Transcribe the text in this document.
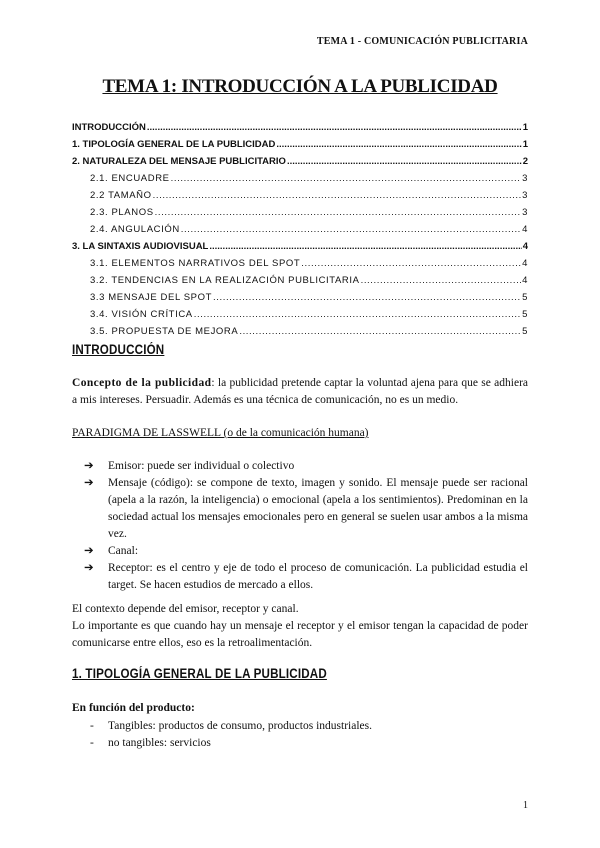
TEMA 1 - COMUNICACIÓN PUBLICITARIA
TEMA 1: INTRODUCCIÓN A LA PUBLICIDAD
INTRODUCCIÓN .....	1
1. TIPOLOGÍA GENERAL DE LA PUBLICIDAD .....	1
2. NATURALEZA DEL MENSAJE PUBLICITARIO .....	2
2.1. ENCUADRE .....	3
2.2 TAMAÑO .....	3
2.3. PLANOS .....	3
2.4. ANGULACIÓN .....	4
3. LA SINTAXIS AUDIOVISUAL .....	4
3.1. ELEMENTOS NARRATIVOS DEL SPOT .....	4
3.2. TENDENCIAS EN LA REALIZACIÓN PUBLICITARIA .....	4
3.3 MENSAJE DEL SPOT .....	5
3.4. VISIÓN CRÍTICA .....	5
3.5. PROPUESTA DE MEJORA .....	5
INTRODUCCIÓN
Concepto de la publicidad: la publicidad pretende captar la voluntad ajena para que se adhiera a mis intereses. Persuadir. Además es una técnica de comunicación, no es un medio.
PARADIGMA DE LASSWELL (o de la comunicación humana)
➔ Emisor: puede ser individual o colectivo
➔ Mensaje (código): se compone de texto, imagen y sonido. El mensaje puede ser racional (apela a la razón, la inteligencia) o emocional (apela a los sentimientos). Predominan en la sociedad actual los mensajes emocionales pero en general se suelen usar ambos a la misma vez.
➔ Canal:
➔ Receptor: es el centro y eje de todo el proceso de comunicación. La publicidad estudia el target. Se hacen estudios de mercado a ellos.
El contexto depende del emisor, receptor y canal.
Lo importante es que cuando hay un mensaje el receptor y el emisor tengan la capacidad de poder comunicarse entre ellos, eso es la retroalimentación.
1. TIPOLOGÍA GENERAL DE LA PUBLICIDAD
En función del producto:
- Tangibles: productos de consumo, productos industriales.
- no tangibles: servicios
1
